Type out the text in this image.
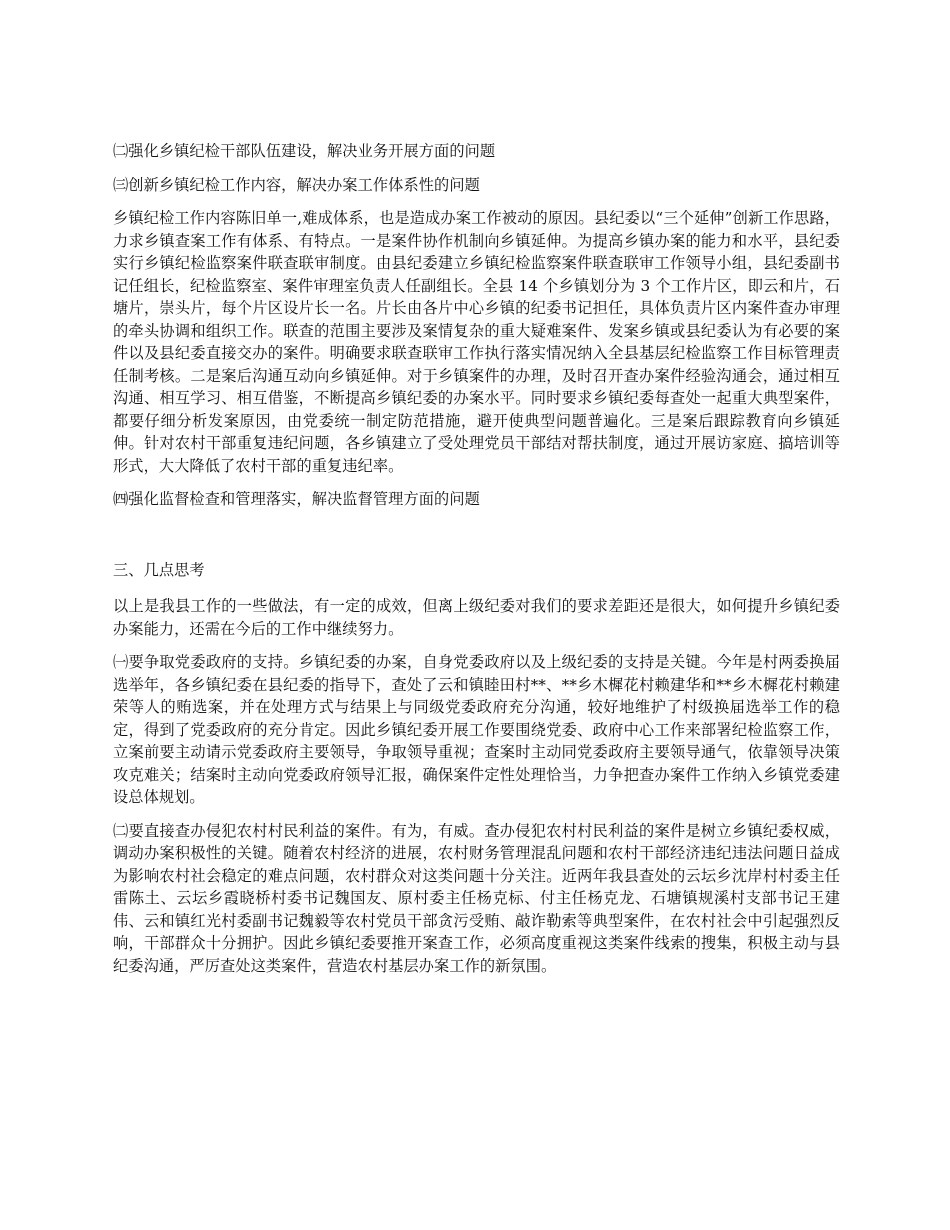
㈡强化乡镇纪检干部队伍建设，解决业务开展方面的问题

㈢创新乡镇纪检工作内容，解决办案工作体系性的问题

乡镇纪检工作内容陈旧单一,难成体系，也是造成办案工作被动的原因。县纪委以“三个延伸”创新工作思路，力求乡镇查案工作有体系、有特点。一是案件协作机制向乡镇延伸。为提高乡镇办案的能力和水平，县纪委实行乡镇纪检监察案件联查联审制度。由县纪委建立乡镇纪检监察案件联查联审工作领导小组，县纪委副书记任组长，纪检监察室、案件审理室负责人任副组长。全县 14 个乡镇划分为 3 个工作片区，即云和片，石塘片，崇头片，每个片区设片长一名。片长由各片中心乡镇的纪委书记担任，具体负责片区内案件查办审理的牵头协调和组织工作。联查的范围主要涉及案情复杂的重大疑难案件、发案乡镇或县纪委认为有必要的案件以及县纪委直接交办的案件。明确要求联查联审工作执行落实情况纳入全县基层纪检监察工作目标管理责任制考核。二是案后沟通互动向乡镇延伸。对于乡镇案件的办理，及时召开查办案件经验沟通会，通过相互沟通、相互学习、相互借鉴，不断提高乡镇纪委的办案水平。同时要求乡镇纪委每查处一起重大典型案件，都要仔细分析发案原因，由党委统一制定防范措施，避开使典型问题普遍化。三是案后跟踪教育向乡镇延伸。针对农村干部重复违纪问题，各乡镇建立了受处理党员干部结对帮扶制度，通过开展访家庭、搞培训等形式，大大降低了农村干部的重复违纪率。

㈣强化监督检查和管理落实，解决监督管理方面的问题

三、几点思考

以上是我县工作的一些做法，有一定的成效，但离上级纪委对我们的要求差距还是很大，如何提升乡镇纪委办案能力，还需在今后的工作中继续努力。

㈠要争取党委政府的支持。乡镇纪委的办案，自身党委政府以及上级纪委的支持是关键。今年是村两委换届选举年，各乡镇纪委在县纪委的指导下，查处了云和镇睦田村**、**乡木樨花村赖建华和**乡木樨花村赖建荣等人的贿选案，并在处理方式与结果上与同级党委政府充分沟通，较好地维护了村级换届选举工作的稳定，得到了党委政府的充分肯定。因此乡镇纪委开展工作要围绕党委、政府中心工作来部署纪检监察工作，立案前要主动请示党委政府主要领导，争取领导重视；查案时主动同党委政府主要领导通气，依靠领导决策攻克难关；结案时主动向党委政府领导汇报，确保案件定性处理恰当，力争把查办案件工作纳入乡镇党委建设总体规划。

㈡要直接查办侵犯农村村民利益的案件。有为，有威。查办侵犯农村村民利益的案件是树立乡镇纪委权威，调动办案积极性的关键。随着农村经济的进展，农村财务管理混乱问题和农村干部经济违纪违法问题日益成为影响农村社会稳定的难点问题，农村群众对这类问题十分关注。近两年我县查处的云坛乡沈岸村村委主任雷陈土、云坛乡霞晓桥村委书记魏国友、原村委主任杨克标、付主任杨克龙、石塘镇规溪村支部书记王建伟、云和镇红光村委副书记魏毅等农村党员干部贪污受贿、敲诈勒索等典型案件，在农村社会中引起强烈反响，干部群众十分拥护。因此乡镇纪委要推开案查工作，必须高度重视这类案件线索的搜集，积极主动与县纪委沟通，严厉查处这类案件，营造农村基层办案工作的新氛围。
